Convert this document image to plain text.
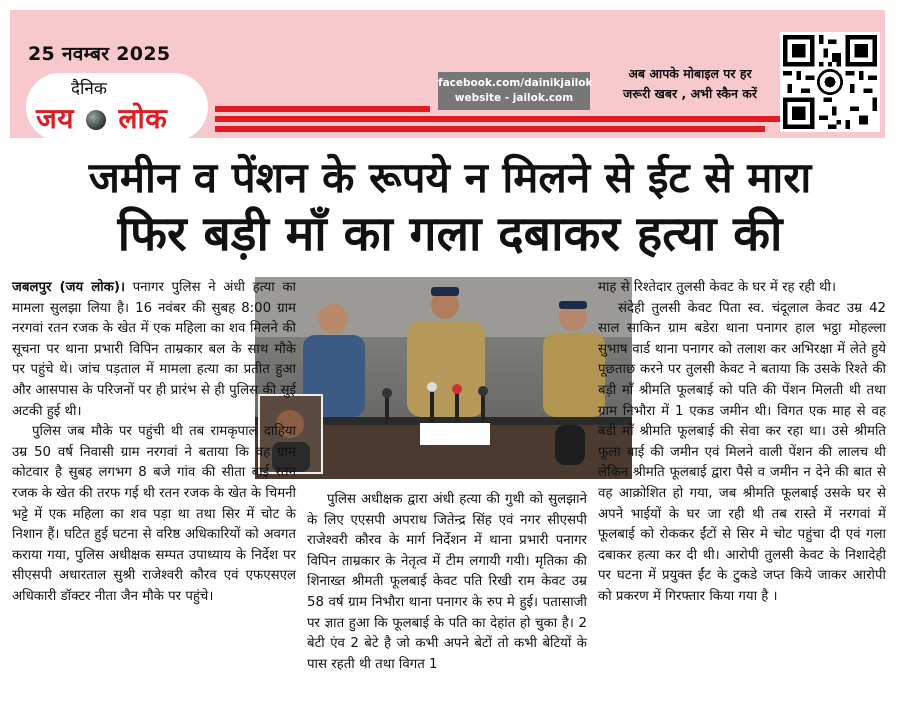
25 नवम्बर 2025
दैनिक
जय लोक
facebook.com/dainikjailok
website - jailok.com
अब आपके मोबाइल पर हर
जरूरी खबर , अभी स्कैन करें
जमीन व पेंशन के रूपये न मिलने से ईट से मारा
फिर बड़ी माँ का गला दबाकर हत्या की

जबलपुर (जय लोक)। पनागर पुलिस ने अंधी हत्या का मामला सुलझा लिया है। 16 नवंबर की सुबह 8:00 ग्राम नरगवां रतन रजक के खेत में एक महिला का शव मिलने की सूचना पर थाना प्रभारी विपिन ताम्रकार बल के साथ मौके पर पहुंचे थे। जांच पड़ताल में मामला हत्या का प्रतीत हुआ और आसपास के परिजनों पर ही प्रारंभ से ही पुलिस की सुई अटकी हुई थी।

पुलिस जब मौके पर पहुंची थी तब रामकृपाल दाहिया उम्र 50 वर्ष निवासी ग्राम नरगवां ने बताया कि वह ग्राम कोटवार है सुबह लगभग 8 बजे गांव की सीता बाई रतन रजक के खेत की तरफ गई थी रतन रजक के खेत के चिमनी भट्टे में एक महिला का शव पड़ा था तथा सिर में चोट के निशान हैं। घटित हुई घटना से वरिष्ठ अधिकारियों को अवगत कराया गया, पुलिस अधीक्षक सम्पत उपाध्याय के निर्देश पर सीएसपी अधारताल सुश्री राजेश्वरी कौरव एवं एफएसएल अधिकारी डॉक्टर नीता जैन मौके पर पहुंचे।

पुलिस अधीक्षक द्वारा अंधी हत्या की गुथी को सुलझाने के लिए एएसपी अपराध जितेन्द्र सिंह एवं नगर सीएसपी राजेश्वरी कौरव के मार्ग निर्देशन में थाना प्रभारी पनागर विपिन ताम्रकार के नेतृत्व में टीम लगायी गयी। मृतिका की शिनाख्त श्रीमती फूलबाई केवट पति रिखी राम केवट उम्र 58 वर्ष ग्राम निभौरा थाना पनागर के रुप मे हुई। पतासाजी पर ज्ञात हुआ कि फूलबाई के पति का देहांत हो चुका है। 2 बेटी एंव 2 बेटे है जो कभी अपने बेटों तो कभी बेटियों के पास रहती थी तथा विगत 1

माह से रिश्तेदार तुलसी केवट के घर में रह रही थी।

संदेही तुलसी केवट पिता स्व. चंदूलाल केवट उम्र 42 साल साकिन ग्राम बडेरा थाना पनागर हाल भट्ठा मोहल्ला सुभाष वार्ड थाना पनागर को तलाश कर अभिरक्षा में लेते हुये पूछताछ करने पर तुलसी केवट ने बताया कि उसके रिश्ते की बड़ी माँ श्रीमति फूलबाई को पति की पेंशन मिलती थी तथा ग्राम निभौरा में 1 एकड जमीन थी। विगत एक माह से वह बडी माँ श्रीमति फूलबाई की सेवा कर रहा था। उसे श्रीमति फूला बाई की जमीन एवं मिलने वाली पेंशन की लालच थी लेकिन श्रीमति फूलबाई द्वारा पैसे व जमीन न देने की बात से वह आक्रोशित हो गया, जब श्रीमति फूलबाई उसके घर से अपने भाईयों के घर जा रही थी तब रास्ते में नरगवां में फूलबाई को रोककर ईंटों से सिर मे चोट पहुंचा दी एवं गला दबाकर हत्या कर दी थी। आरोपी तुलसी केवट के निशादेही पर घटना में प्रयुक्त ईंट के टुकडे जप्त किये जाकर आरोपी को प्रकरण में गिरफ्तार किया गया है ।
